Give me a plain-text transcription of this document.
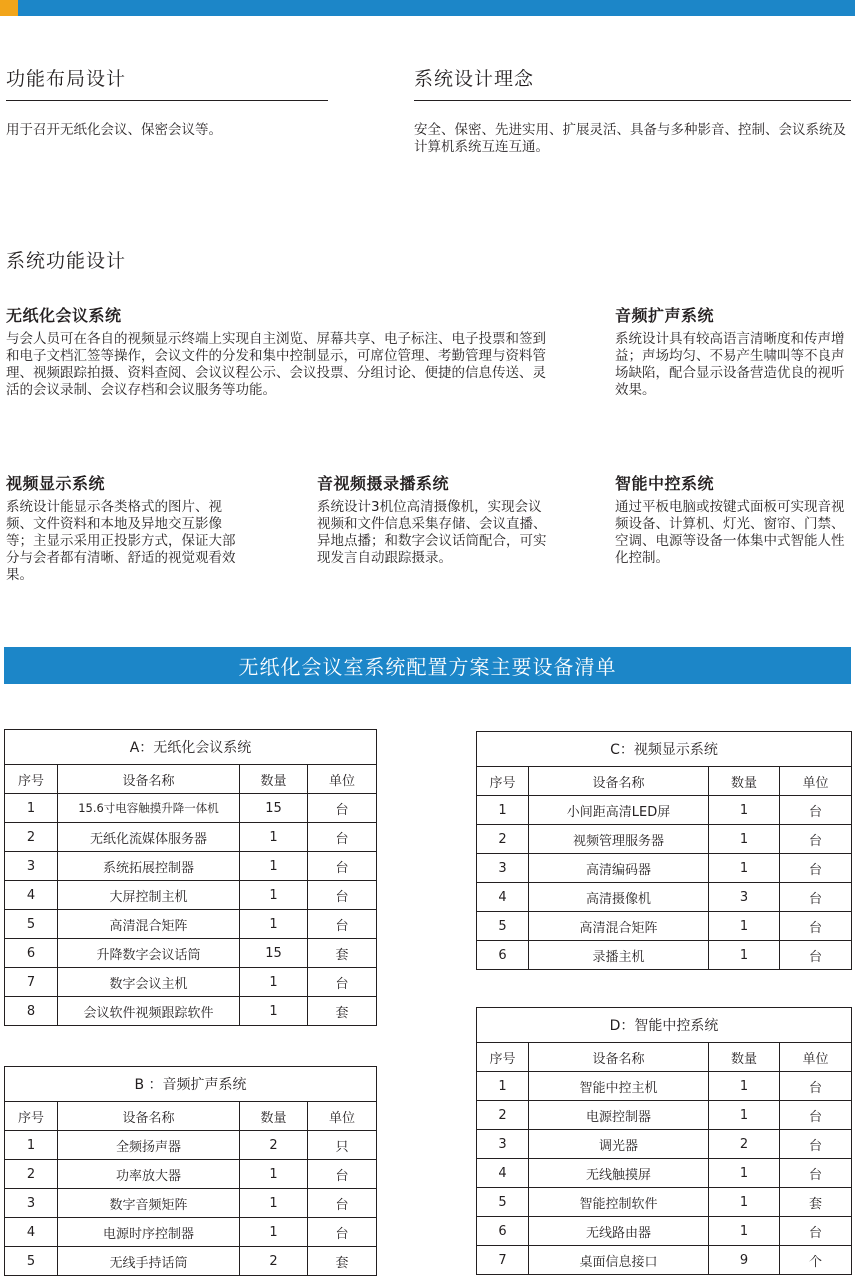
功能布局设计

用于召开无纸化会议、保密会议等。

系统设计理念

安全、保密、先进实用、扩展灵活、具备与多种影音、控制、会议系统及计算机系统互连互通。

系统功能设计
无纸化会议系统

与会人员可在各自的视频显示终端上实现自主浏览、屏幕共享、电子标注、电子投票和签到和电子文档汇签等操作，会议文件的分发和集中控制显示，可席位管理、考勤管理与资料管理、视频跟踪拍摄、资料查阅、会议议程公示、会议投票、分组讨论、便捷的信息传送、灵活的会议录制、会议存档和会议服务等功能。

音频扩声系统

系统设计具有较高语言清晰度和传声增益；声场均匀、不易产生啸叫等不良声场缺陷，配合显示设备营造优良的视听效果。

视频显示系统

系统设计能显示各类格式的图片、视频、文件资料和本地及异地交互影像等；主显示采用正投影方式，保证大部分与会者都有清晰、舒适的视觉观看效果。

音视频摄录播系统

系统设计3机位高清摄像机，实现会议视频和文件信息采集存储、会议直播、异地点播；和数字会议话筒配合，可实现发言自动跟踪摄录。

智能中控系统

通过平板电脑或按键式面板可实现音视频设备、计算机、灯光、窗帘、门禁、空调、电源等设备一体集中式智能人性化控制。

无纸化会议室系统配置方案主要设备清单
A：无纸化会议系统			
序号	设备名称	数量	单位
1	15.6寸电容触摸升降一体机	15	台
2	无纸化流媒体服务器	1	台
3	系统拓展控制器	1	台
4	大屏控制主机	1	台
5	高清混合矩阵	1	台
6	升降数字会议话筒	15	套
7	数字会议主机	1	台
8	会议软件视频跟踪软件	1	套
B ：音频扩声系统			
序号	设备名称	数量	单位
1	全频扬声器	2	只
2	功率放大器	1	台
3	数字音频矩阵	1	台
4	电源时序控制器	1	台
5	无线手持话筒	2	套
C：视频显示系统			
序号	设备名称	数量	单位
1	小间距高清LED屏	1	台
2	视频管理服务器	1	台
3	高清编码器	1	台
4	高清摄像机	3	台
5	高清混合矩阵	1	台
6	录播主机	1	台
D：智能中控系统			
序号	设备名称	数量	单位
1	智能中控主机	1	台
2	电源控制器	1	台
3	调光器	2	台
4	无线触摸屏	1	台
5	智能控制软件	1	套
6	无线路由器	1	台
7	桌面信息接口	9	个
